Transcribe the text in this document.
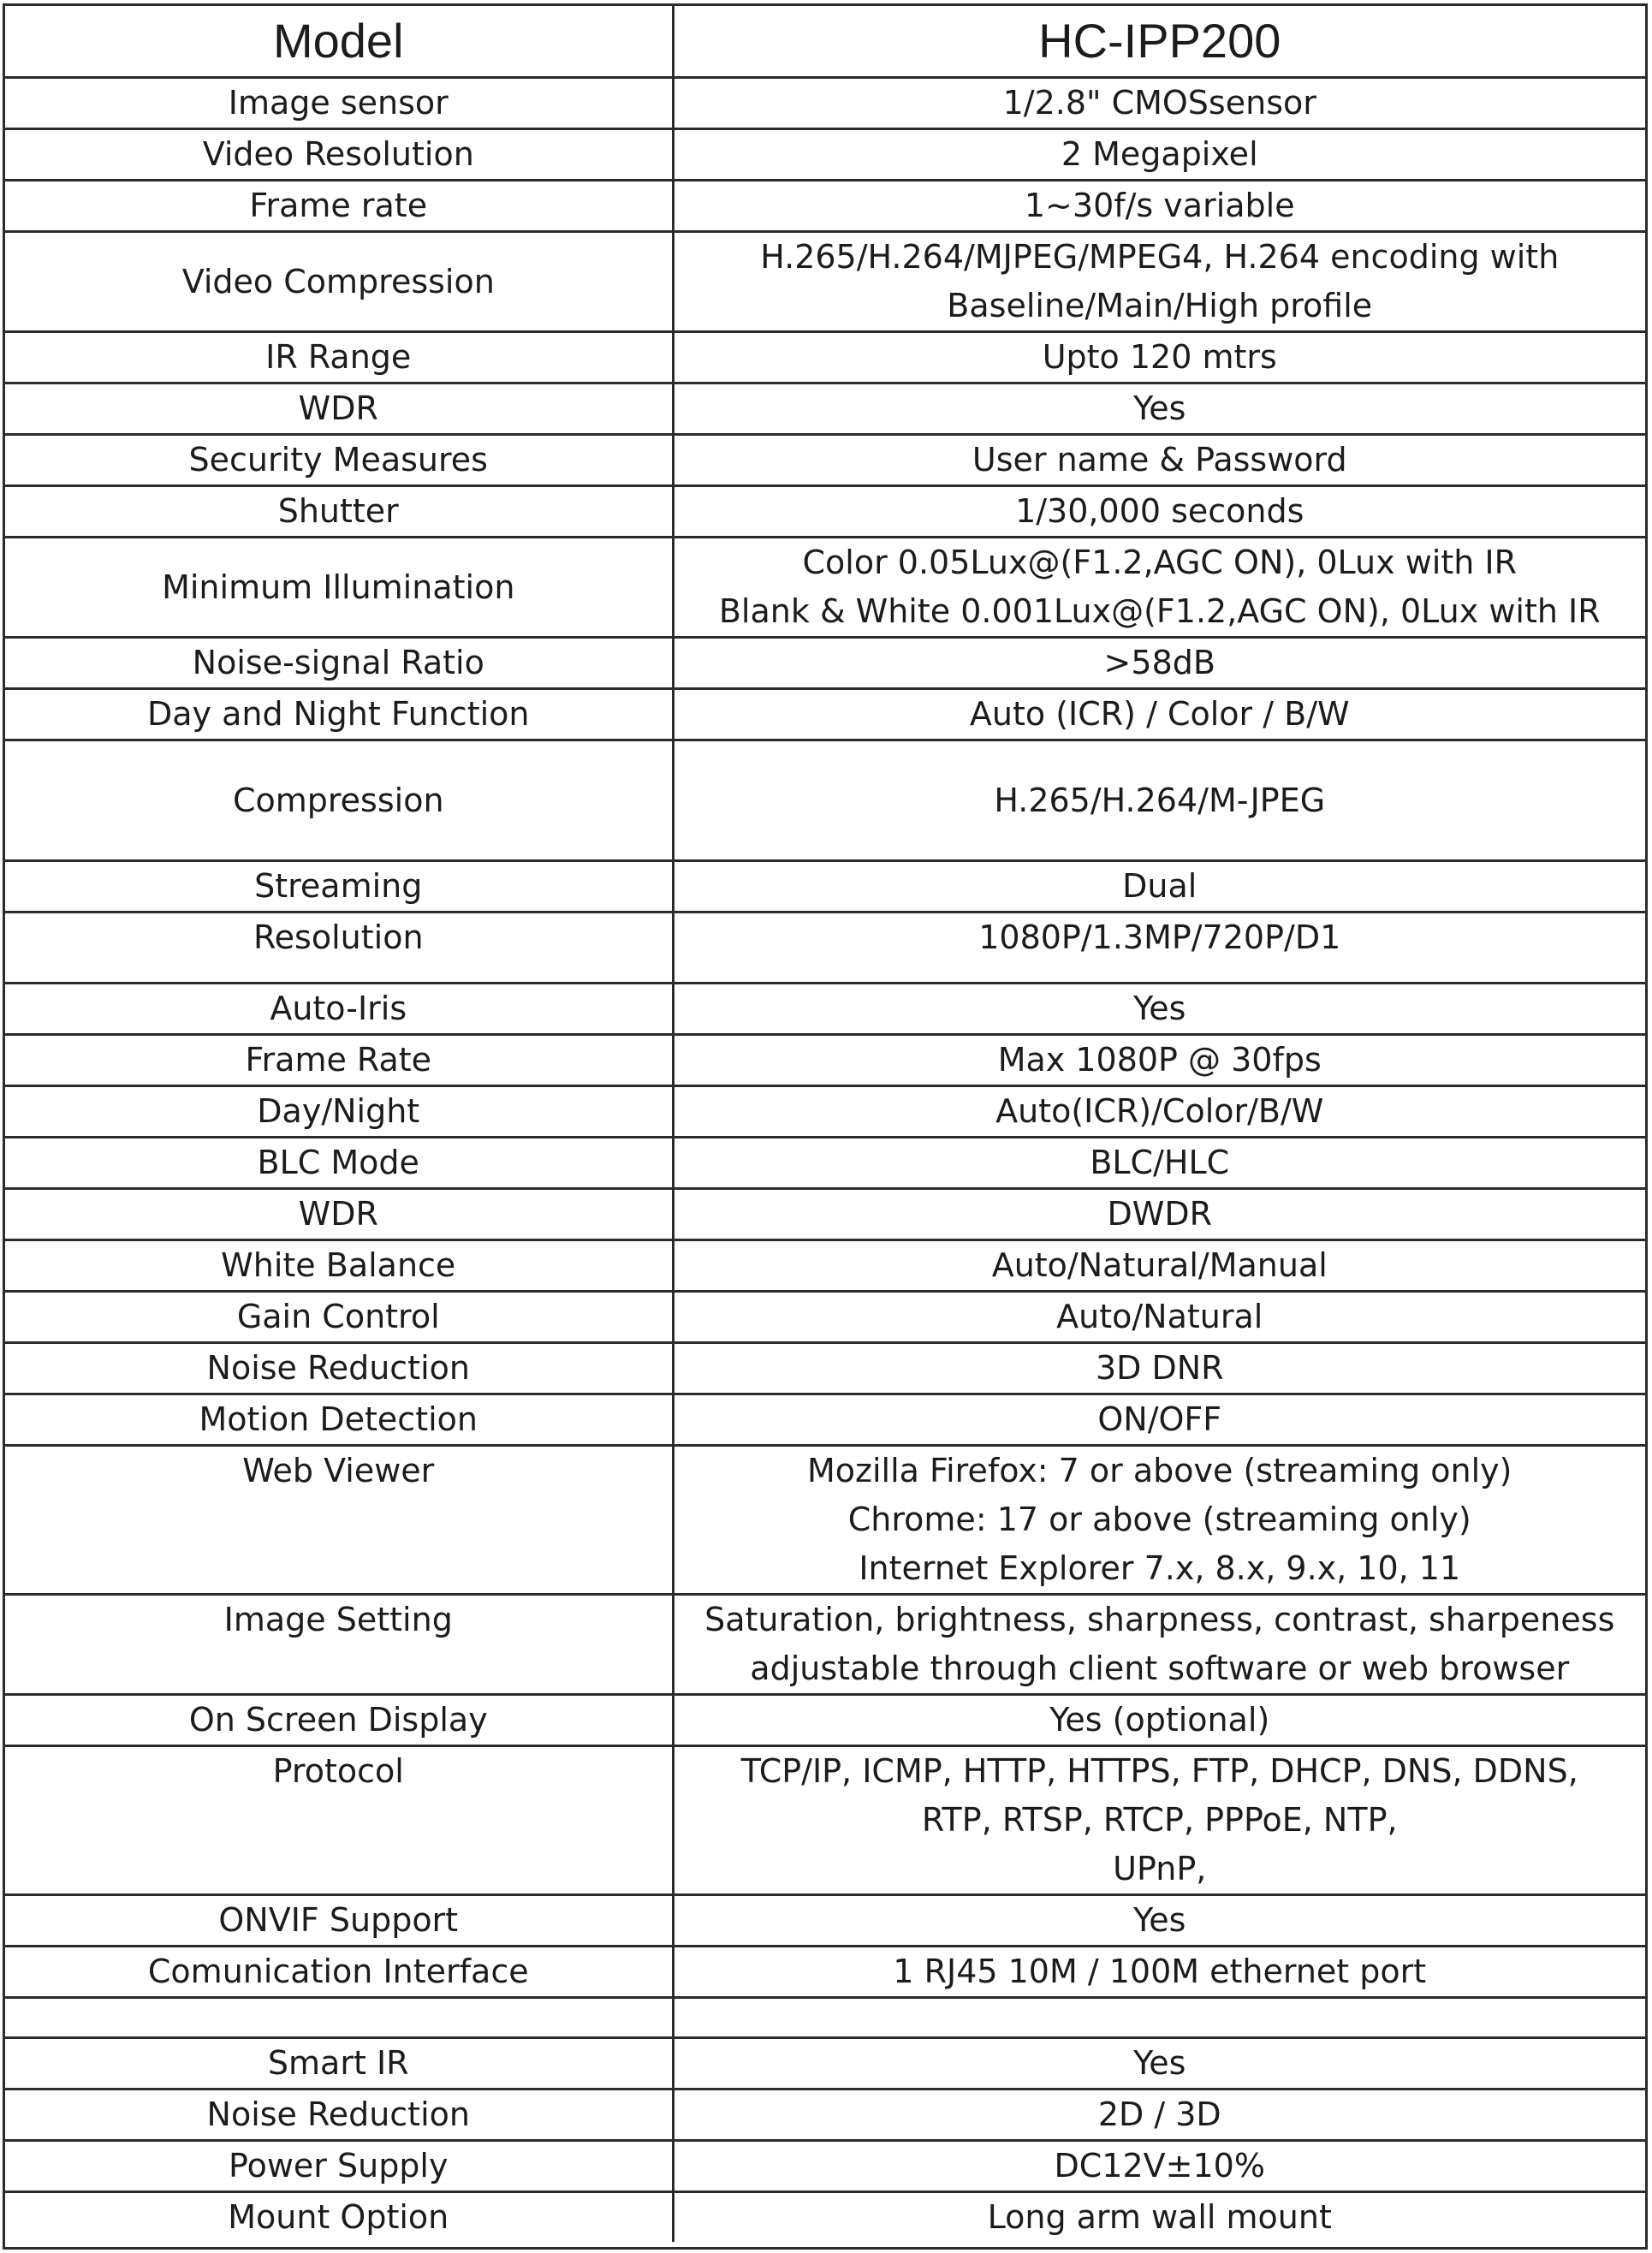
Model	HC-IPP200
Image sensor	1/2.8" CMOSsensor

Video Resolution	2 Megapixel

Frame rate	1~30f/s variable

Video Compression	H.265/H.264/MJPEG/MPEG4, H.264 encoding with
Baseline/Main/High profile

IR Range	Upto 120 mtrs

WDR	Yes

Security Measures	User name & Password

Shutter	1/30,000 seconds

Minimum Illumination	Color 0.05Lux@(F1.2,AGC ON), 0Lux with IR
Blank & White 0.001Lux@(F1.2,AGC ON), 0Lux with IR

Noise-signal Ratio	>58dB

Day and Night Function	Auto (ICR) / Color / B/W

Compression	H.265/H.264/M-JPEG

Streaming	Dual

Resolution	1080P/1.3MP/720P/D1

Auto-Iris	Yes

Frame Rate	Max 1080P @ 30fps

Day/Night	Auto(ICR)/Color/B/W

BLC Mode	BLC/HLC

WDR	DWDR

White Balance	Auto/Natural/Manual

Gain Control	Auto/Natural

Noise Reduction	3D DNR

Motion Detection	ON/OFF

Web Viewer	Mozilla Firefox: 7 or above (streaming only)
Chrome: 17 or above (streaming only)
Internet Explorer 7.x, 8.x, 9.x, 10, 11

Image Setting	Saturation, brightness, sharpness, contrast, sharpeness
adjustable through client software or web browser

On Screen Display	Yes (optional)

Protocol	TCP/IP, ICMP, HTTP, HTTPS, FTP, DHCP, DNS, DDNS,
RTP, RTSP, RTCP, PPPoE, NTP,
UPnP,

ONVIF Support	Yes

Comunication Interface	1 RJ45 10M / 100M ethernet port

Smart IR	Yes

Noise Reduction	2D / 3D

Power Supply	DC12V±10%

Mount Option	Long arm wall mount
